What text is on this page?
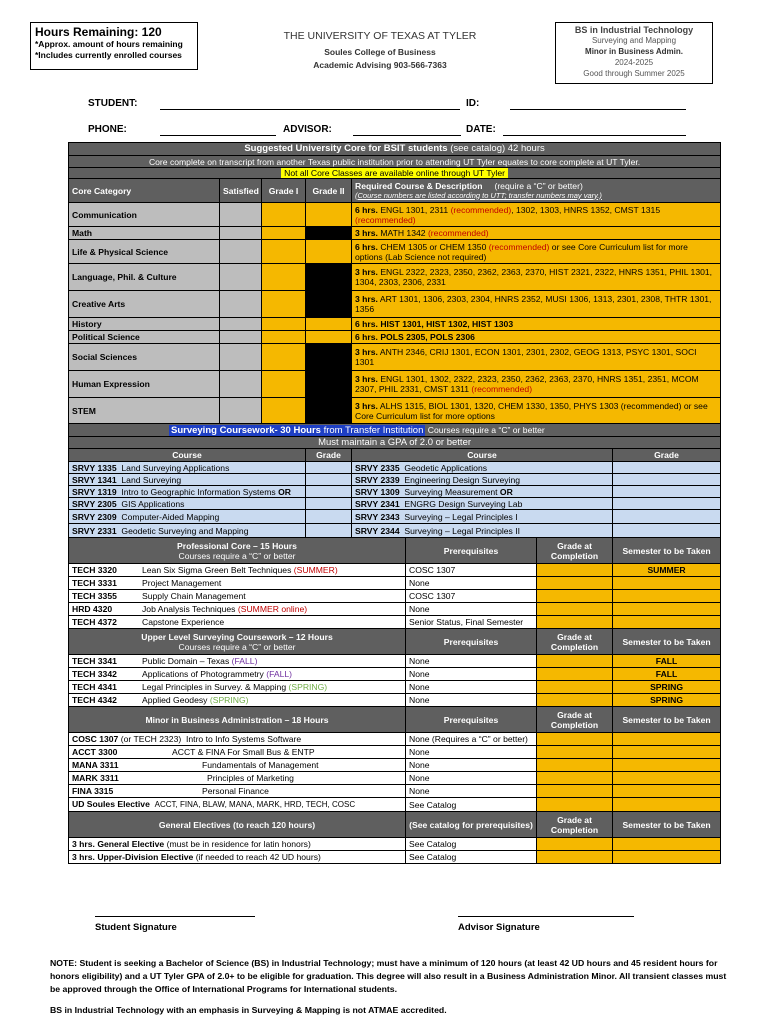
Hours Remaining: 120
*Approx. amount of hours remaining
*Includes currently enrolled courses
THE UNIVERSITY OF TEXAS AT TYLER
Soules College of Business
Academic Advising 903-566-7363
BS in Industrial Technology
Surveying and Mapping
Minor in Business Admin.
2024-2025
Good through Summer 2025
STUDENT:	ID:
PHONE:	ADVISOR:	DATE:
Suggested University Core for BSIT students (see catalog) 42 hours							
Core complete on transcript from another Texas public institution prior to attending UT Tyler equates to core complete at UT Tyler.							
Not all Core Classes are available online through UT Tyler							
Core Category	Satisfied	Grade I	Grade II	Required Course & Description (require a “C” or better)
(Course numbers are listed according to UTT; transfer numbers may vary.)			

Communication				6 hrs. ENGL 1301, 2311 (recommended), 1302, 1303, HNRS 1352, CMST 1315 (recommended)			
Math				3 hrs. MATH 1342 (recommended)			
Life & Physical Science				6 hrs. CHEM 1305 or CHEM 1350 (recommended) or see Core Curriculum list for more options (Lab Science not required)			
Language, Phil. & Culture				3 hrs. ENGL 2322, 2323, 2350, 2362, 2363, 2370, HIST 2321, 2322, HNRS 1351, PHIL 1301, 1304, 2303, 2306, 2331			
Creative Arts				3 hrs. ART 1301, 1306, 2303, 2304, HNRS 2352, MUSI 1306, 1313, 2301, 2308, THTR 1301, 1356			
History				6 hrs. HIST 1301, HIST 1302, HIST 1303			
Political Science				6 hrs. POLS 2305, POLS 2306			
Social Sciences				3 hrs. ANTH 2346, CRIJ 1301, ECON 1301, 2301, 2302, GEOG 1313, PSYC 1301, SOCI 1301			
Human Expression				3 hrs. ENGL 1301, 1302, 2322, 2323, 2350, 2362, 2363, 2370, HNRS 1351, 2351, MCOM 2307, PHIL 2331, CMST 1311 (recommended)			
STEM				3 hrs. ALHS 1315, BIOL 1301, 1320, CHEM 1330, 1350, PHYS 1303 (recommended) or see Core Curriculum list for more options			
Surveying Coursework- 30 Hours from Transfer Institution Courses require a “C” or better							
Must maintain a GPA of 2.0 or better							
Course			Grade	Course			Grade
SRVY 1335 Land Surveying Applications				SRVY 2335 Geodetic Applications			
SRVY 1341 Land Surveying				SRVY 2339 Engineering Design Surveying			
SRVY 1319 Intro to Geographic Information Systems OR				SRVY 1309 Surveying Measurement OR			
SRVY 2305 GIS Applications				SRVY 2341 ENGRG Design Surveying Lab			
SRVY 2309 Computer-Aided Mapping				SRVY 2343 Surveying – Legal Principles I			
SRVY 2331 Geodetic Surveying and Mapping				SRVY 2344 Surveying – Legal Principles II			

Professional Core – 15 Hours
Courses require a “C” or better					Prerequisites	Grade at Completion	Semester to be Taken
TECH 3320 Lean Six Sigma Green Belt Techniques (SUMMER)					COSC 1307		SUMMER
TECH 3331 Project Management					None		
TECH 3355 Supply Chain Management					COSC 1307		
HRD 4320 Job Analysis Techniques (SUMMER online)					None		
TECH 4372 Capstone Experience					Senior Status, Final Semester		

Upper Level Surveying Coursework – 12 Hours
Courses require a “C” or better					Prerequisites	Grade at Completion	Semester to be Taken
TECH 3341 Public Domain – Texas (FALL)					None		FALL
TECH 3342 Applications of Photogrammetry (FALL)					None		FALL
TECH 4341 Legal Principles in Survey. & Mapping (SPRING)					None		SPRING
TECH 4342 Applied Geodesy (SPRING)					None		SPRING
Minor in Business Administration – 18 Hours					Prerequisites	Grade at Completion	Semester to be Taken
COSC 1307 (or TECH 2323) Intro to Info Systems Software					None (Requires a “C” or better)		
ACCT 3300 ACCT & FINA For Small Bus & ENTP					None		
MANA 3311 Fundamentals of Management					None		
MARK 3311 Principles of Marketing					None		
FINA 3315 Personal Finance					None		
UD Soules Elective ACCT, FINA, BLAW, MANA, MARK, HRD, TECH, COSC					See Catalog		
General Electives (to reach 120 hours)					(See catalog for prerequisites)	Grade at Completion	Semester to be Taken
3 hrs. General Elective (must be in residence for latin honors)					See Catalog		
3 hrs. Upper-Division Elective (if needed to reach 42 UD hours)					See Catalog		
Student Signature	Advisor Signature
NOTE: Student is seeking a Bachelor of Science (BS) in Industrial Technology; must have a minimum of 120 hours (at least 42 UD hours and 45 resident hours for honors eligibility) and a UT Tyler GPA of 2.0+ to be eligible for graduation. This degree will also result in a Business Administration Minor. All transient classes must be approved through the Office of International Programs for International students.
BS in Industrial Technology with an emphasis in Surveying & Mapping is not ATMAE accredited.
